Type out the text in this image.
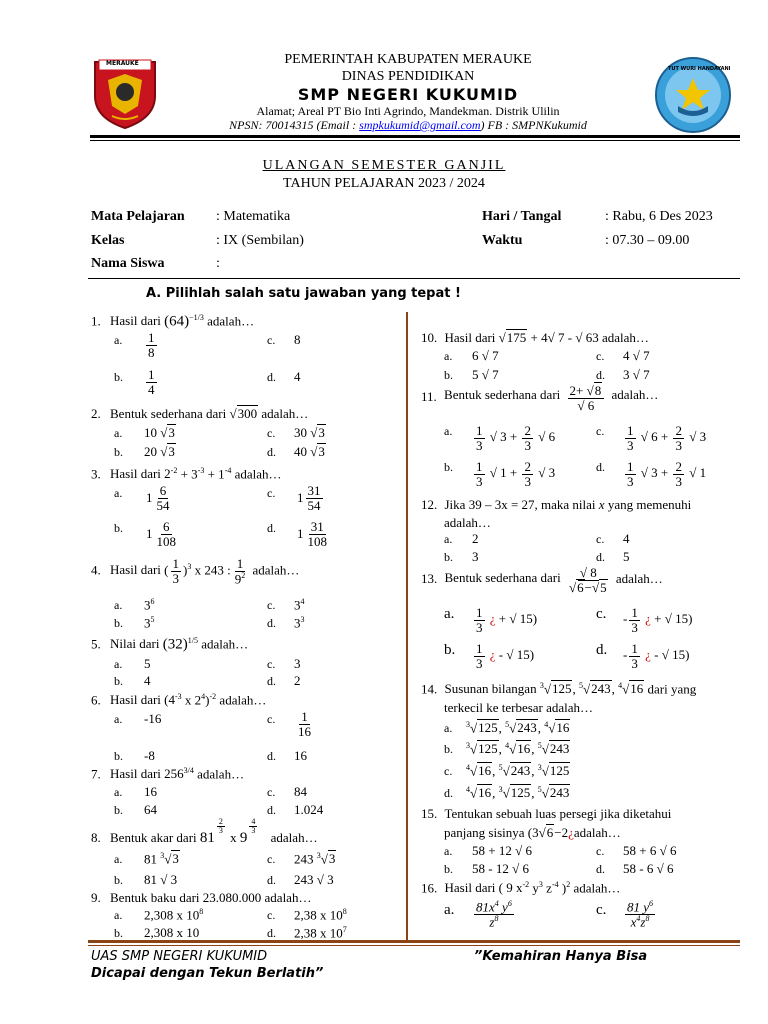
MERAUKE
TUT WURI HANDAYANI
PEMERINTAH KABUPATEN MERAUKE
DINAS PENDIDIKAN
SMP NEGERI KUKUMID
Alamat; Areal PT Bio Inti Agrindo, Mandekman. Distrik Ulilin
NPSN: 70014315 (Email : smpkukumid@gmail.com) FB : SMPNKukumid
ULANGAN SEMESTER GANJIL
TAHUN PELAJARAN 2023 / 2024
Mata Pelajaran : Matematika
Kelas	: IX (Sembilan)
Nama Siswa	:
Hari / Tangal	: Rabu, 6 Des 2023
Waktu	: 07.30 – 09.00
A. Pilihlah salah satu jawaban yang tepat !
1. Hasil dari $(64)^{-1/3}$ adalah…
a. $\frac{1}{8}$	c. 8
b. $\frac{1}{4}$	d. 4
2. Bentuk sederhana dari √300 adalah…
a. 10 √3	c. 30 √3
b. 20 √3	d. 40 √3
3. Hasil dari $2^{-2} + 3^{-3} + 1^{-4}$ adalah…
a. $1 \frac{6}{54}$	c. $1 \frac{31}{54}$
b. $1 \frac{6}{108}$	d. $1 \frac{31}{108}$
4. Hasil dari ( $\frac{1}{3} )^3$ x 243 : $\frac{1}{9^2}$ adalah…
a. $3^6$	c. $3^4$
b. $3^5$	d. $3^3$
5. Nilai dari $(32)^{1/5}$ adalah…
a. 5	c. 3
b. 4	d. 2
6. Hasil dari ($4^{-3}$ x $2^4)^{-2}$ adalah…
a. -16	c. $\frac{1}{16}$
b. -8	d. 16
7. Hasil dari $256^{3/4}$ adalah…
a. 16	c. 84
b. 64	d. 1.024
8. Bentuk akar dari 81
$^{\frac{2}{3}}$
x 9
$^{\frac{4}{3}}$
adalah…
a. 81 $^3$√3	c. 243 $^3$√3
b. 81 √ 3	d. 243 √ 3
9. Bentuk baku dari 23.080.000 adalah…
a. 2,308 x $10^8$	c. 2,38 x $10^8$
b. 2,308 x 10	d. 2,38 x $10^7$
10. Hasil dari √175 + 4√ 7 - √ 63 adalah…
a. 6 √ 7	c. 4 √ 7
b. 5 √ 7	d. 3 √ 7
11. Bentuk sederhana dari $\frac{2+ √8}{√ 6}$ adalah…
a. $\frac{1}{3}$ √ $3 + \frac{2}{3}$ √ 6	c. $\frac{1}{3}$ √ $6 + \frac{2}{3}$ √ 3
b. $\frac{1}{3}$ √ $1 + \frac{2}{3}$ √ 3	d. $\frac{1}{3}$ √ $3 + \frac{2}{3}$ √ 1
12. Jika 39 – 3x = 27, maka nilai x yang memenuhi
adalah…
a. 2	c. 4
b. 3	d. 5
13. Bentuk sederhana dari $\frac{√ 8}{√6-√5}$ adalah…
a. $\frac{1}{3}$ ¿ + √ 15)	c. - $\frac{1}{3}$ ¿ + √ 15)
b. $\frac{1}{3}$ ¿ - √ 15)	d. - $\frac{1}{3}$ ¿ - √ 15)
14. Susunan bilangan $^3$√125, $^5$√243, $^4$√16 dari yang
terkecil ke terbesar adalah…
a. $^3$√125, $^5$√243, $^4$√16
b. $^3$√125, $^4$√16, $^5$√243
c. $^4$√16, $^5$√243, $^3$√125
d. $^4$√16, $^3$√125, $^5$√243
15. Tentukan sebuah luas persegi jika diketahui
panjang sisinya (3√6−2¿adalah…
a. 58 + 12 √ 6	c. 58 + 6 √ 6
b. 58 - 12 √ 6	d. 58 - 6 √ 6
16. Hasil dari ( 9 $x^{-2}$ $y^3$ $z^{-4}$ )$^2$ adalah…
a. $\frac{81x^4 y^6}{z^8}$	c. $\frac{81 y^6}{x^4z^8}$
UAS SMP NEGERI KUKUMID	”Kemahiran Hanya Bisa
Dicapai dengan Tekun Berlatih”
